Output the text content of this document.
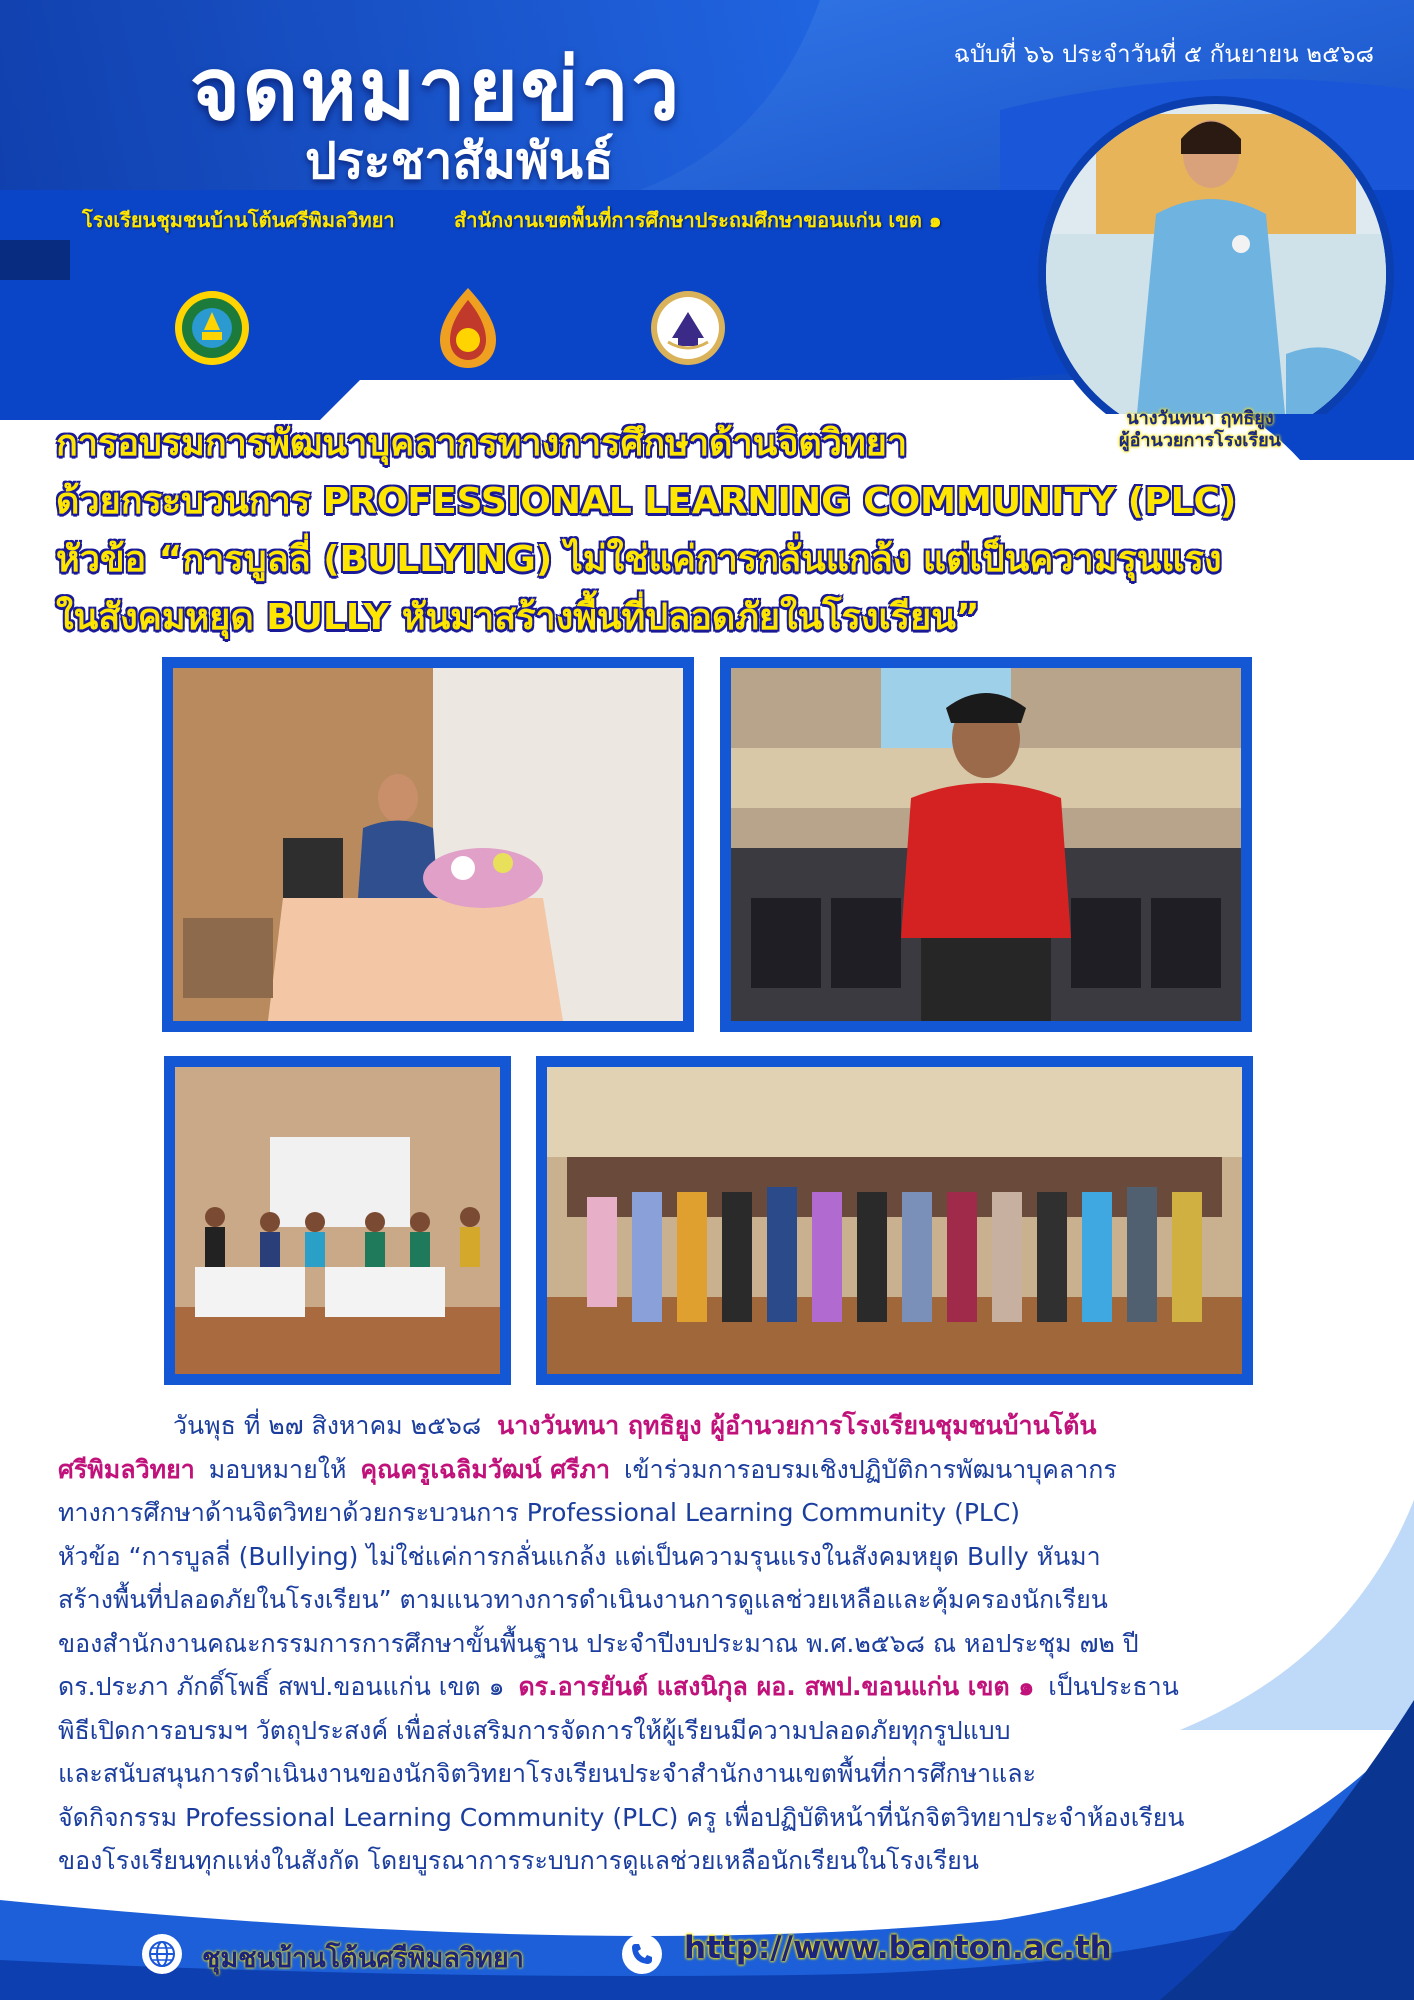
จดหมายข่าว
ประชาสัมพันธ์
ฉบับที่ ๖๖ ประจำวันที่ ๕ กันยายน ๒๕๖๘
โรงเรียนชุมชนบ้านโต้นศรีพิมลวิทยา	สำนักงานเขตพื้นที่การศึกษาประถมศึกษาขอนแก่น เขต ๑
นางวันทนา ฤทธิยูง
ผู้อำนวยการโรงเรียน
การอบรมการพัฒนาบุคลากรทางการศึกษาด้านจิตวิทยา
ด้วยกระบวนการ PROFESSIONAL LEARNING COMMUNITY (PLC)
หัวข้อ “การบูลลี่ (BULLYING) ไม่ใช่แค่การกลั่นแกล้ง แต่เป็นความรุนแรง
ในสังคมหยุด BULLY หันมาสร้างพื้นที่ปลอดภัยในโรงเรียน”
วันพุธ ที่ ๒๗ สิงหาคม ๒๕๖๘ นางวันทนา ฤทธิยูง ผู้อำนวยการโรงเรียนชุมชนบ้านโต้น
ศรีพิมลวิทยา มอบหมายให้ คุณครูเฉลิมวัฒน์ ศรีภา เข้าร่วมการอบรมเชิงปฏิบัติการพัฒนาบุคลากร
ทางการศึกษาด้านจิตวิทยาด้วยกระบวนการ Professional Learning Community (PLC)
หัวข้อ “การบูลลี่ (Bullying) ไม่ใช่แค่การกลั่นแกล้ง แต่เป็นความรุนแรงในสังคมหยุด Bully หันมา
สร้างพื้นที่ปลอดภัยในโรงเรียน” ตามแนวทางการดำเนินงานการดูแลช่วยเหลือและคุ้มครองนักเรียน
ของสำนักงานคณะกรรมการการศึกษาขั้นพื้นฐาน ประจำปีงบประมาณ พ.ศ.๒๕๖๘ ณ หอประชุม ๗๒ ปี
ดร.ประภา ภักดิ์โพธิ์ สพป.ขอนแก่น เขต ๑ ดร.อารยันต์ แสงนิกุล ผอ. สพป.ขอนแก่น เขต ๑ เป็นประธาน
พิธีเปิดการอบรมฯ วัตถุประสงค์ เพื่อส่งเสริมการจัดการให้ผู้เรียนมีความปลอดภัยทุกรูปแบบ
และสนับสนุนการดำเนินงานของนักจิตวิทยาโรงเรียนประจำสำนักงานเขตพื้นที่การศึกษาและ
จัดกิจกรรม Professional Learning Community (PLC) ครู เพื่อปฏิบัติหน้าที่นักจิตวิทยาประจำห้องเรียน
ของโรงเรียนทุกแห่งในสังกัด โดยบูรณาการระบบการดูแลช่วยเหลือนักเรียนในโรงเรียน
ชุมชนบ้านโต้นศรีพิมลวิทยา	http://www.banton.ac.th
